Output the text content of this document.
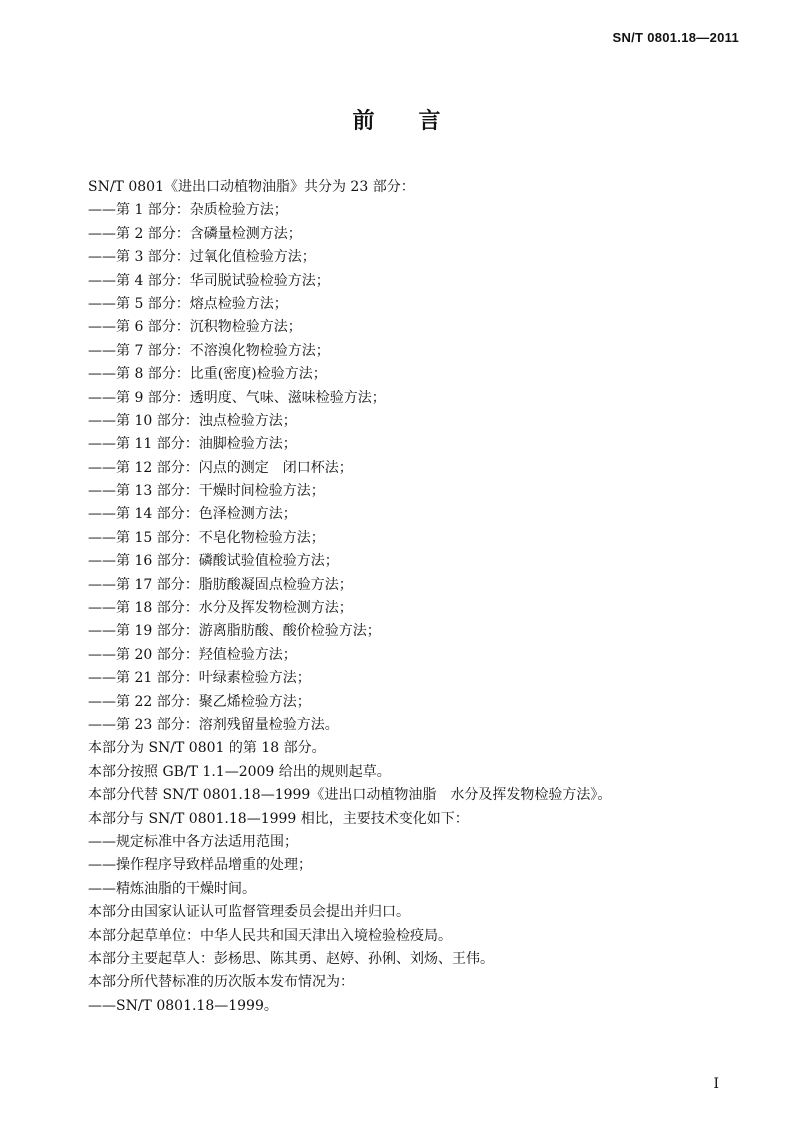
SN/T 0801.18—2011
前言
SN/T 0801《进出口动植物油脂》共分为 23 部分：
——第 1 部分：杂质检验方法；
——第 2 部分：含磷量检测方法；
——第 3 部分：过氧化值检验方法；
——第 4 部分：华司脱试验检验方法；
——第 5 部分：熔点检验方法；
——第 6 部分：沉积物检验方法；
——第 7 部分：不溶溴化物检验方法；
——第 8 部分：比重(密度)检验方法；
——第 9 部分：透明度、气味、滋味检验方法；
——第 10 部分：浊点检验方法；
——第 11 部分：油脚检验方法；
——第 12 部分：闪点的测定　闭口杯法；
——第 13 部分：干燥时间检验方法；
——第 14 部分：色泽检测方法；
——第 15 部分：不皂化物检验方法；
——第 16 部分：磷酸试验值检验方法；
——第 17 部分：脂肪酸凝固点检验方法；
——第 18 部分：水分及挥发物检测方法；
——第 19 部分：游离脂肪酸、酸价检验方法；
——第 20 部分：羟值检验方法；
——第 21 部分：叶绿素检验方法；
——第 22 部分：聚乙烯检验方法；
——第 23 部分：溶剂残留量检验方法。
本部分为 SN/T 0801 的第 18 部分。
本部分按照 GB/T 1.1—2009 给出的规则起草。
本部分代替 SN/T 0801.18—1999《进出口动植物油脂　水分及挥发物检验方法》。
本部分与 SN/T 0801.18—1999 相比，主要技术变化如下：
——规定标准中各方法适用范围；
——操作程序导致样品增重的处理；
——精炼油脂的干燥时间。
本部分由国家认证认可监督管理委员会提出并归口。
本部分起草单位：中华人民共和国天津出入境检验检疫局。
本部分主要起草人：彭杨思、陈其勇、赵婷、孙俐、刘炀、王伟。
本部分所代替标准的历次版本发布情况为：
——SN/T 0801.18—1999。
I
